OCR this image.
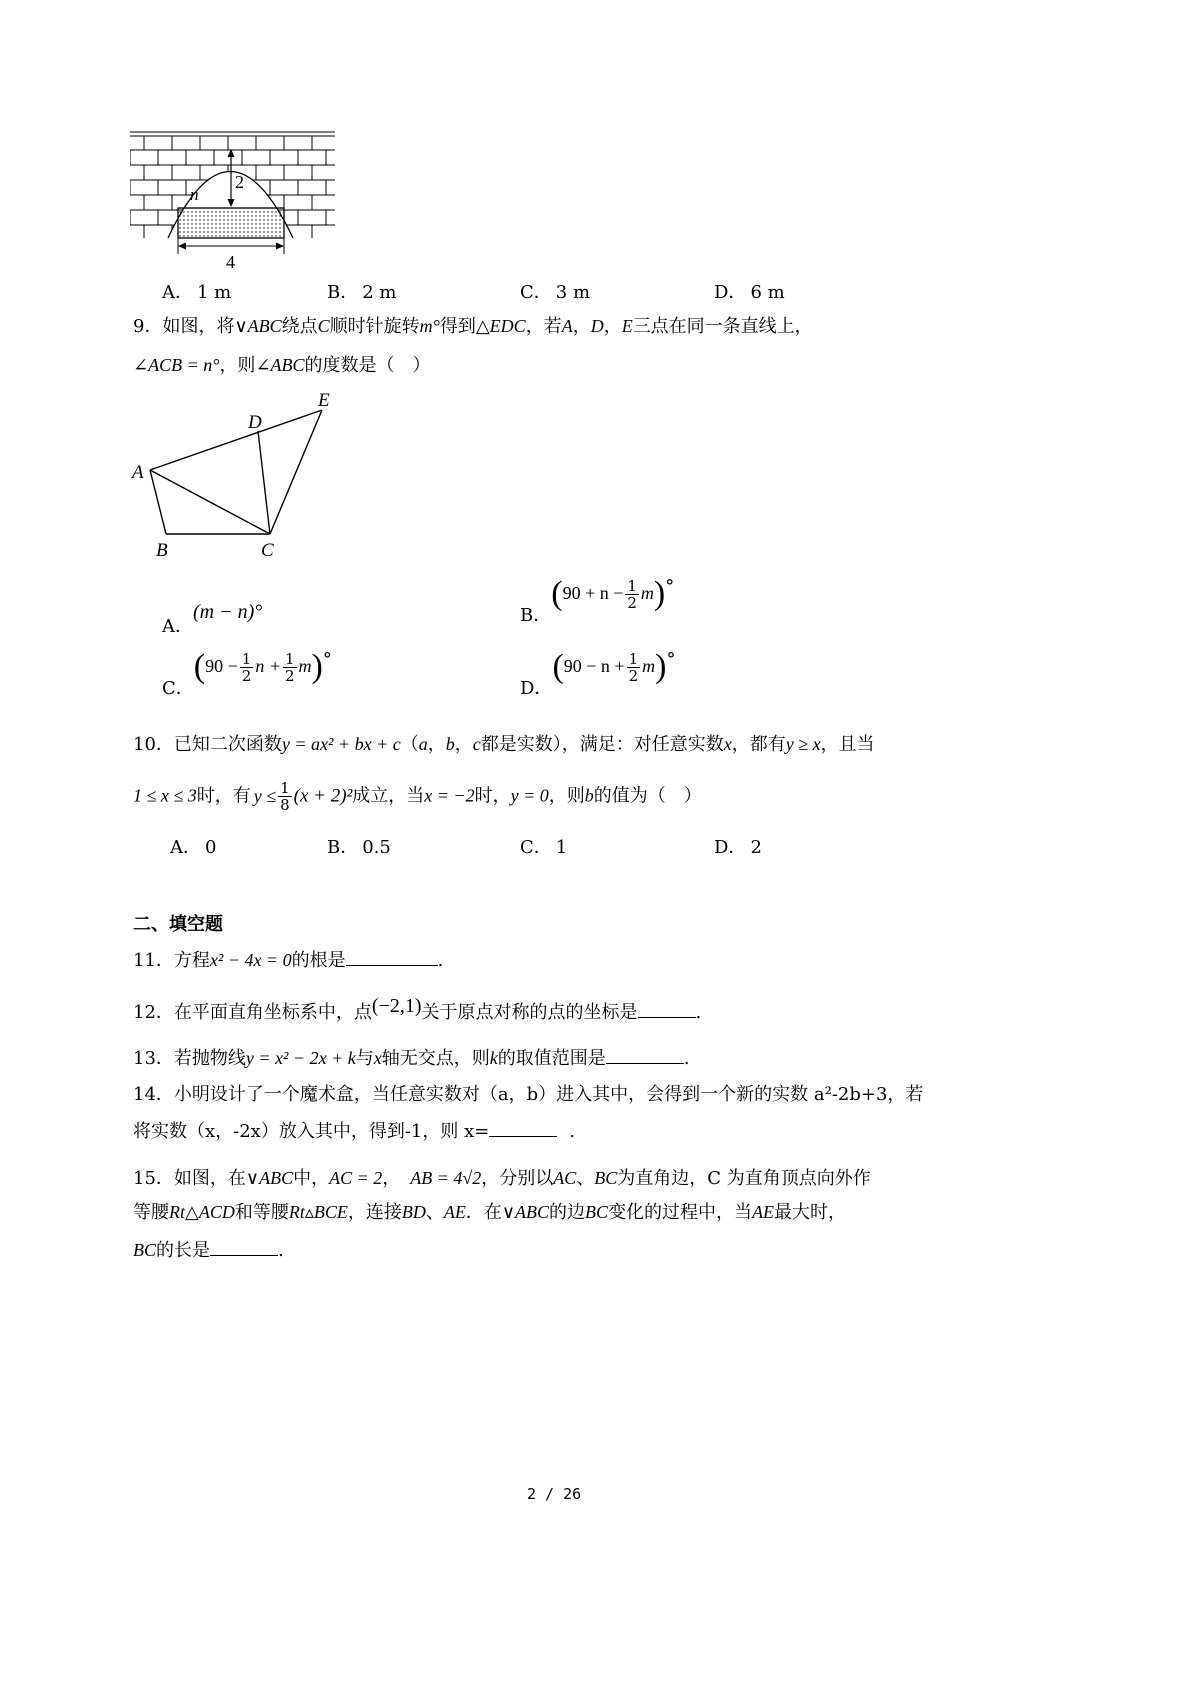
2
n
4
A． 1 m	B． 2 m	C． 3 m	D． 6 m
9．如图，将∨ABC绕点C顺时针旋转m°得到△EDC，若A，D，E三点在同一条直线上，
∠ACB = n°，则∠ABC的度数是（　）
A
B	C
D
E
A．(m − n)°	B．$(90 + n - \frac{1}{2} m)^\circ$
C．($90 - \frac{1}{2}$ $n + \frac{1}{2} m)^\circ$
D．$(90 - n + \frac{1}{2} m)^\circ$
10．已知二次函数y = ax² + bx + c（a，b，c都是实数），满足：对任意实数x，都有y ≥ x，且当
1 ≤ x ≤ 3时，有 $y \le \frac{1}{8} (x + 2)^2$成立，当x = −2时，y = 0，则b的值为（　）
A． 0	B． 0.5	C． 1	D． 2
二、填空题
11．方程x² − 4x = 0的根是	.
12．在平面直角坐标系中，点(−2,1)关于原点对称的点的坐标是	.
13．若抛物线y = x² − 2x + k与x轴无交点，则k的取值范围是	.
14．小明设计了一个魔术盒，当任意实数对（a，b）进入其中，会得到一个新的实数 a²-2b+3，若
将实数（x，-2x）放入其中，得到-1，则 x=	.
15．如图，在∨ABC中，AC = 2， AB = 4√2，分别以AC、BC为直角边，C 为直角顶点向外作
等腰Rt△ACD和等腰Rt▵BCE，连接BD、AE．在∨ABC的边BC变化的过程中，当AE最大时，
BC的长是	.
2 / 26
